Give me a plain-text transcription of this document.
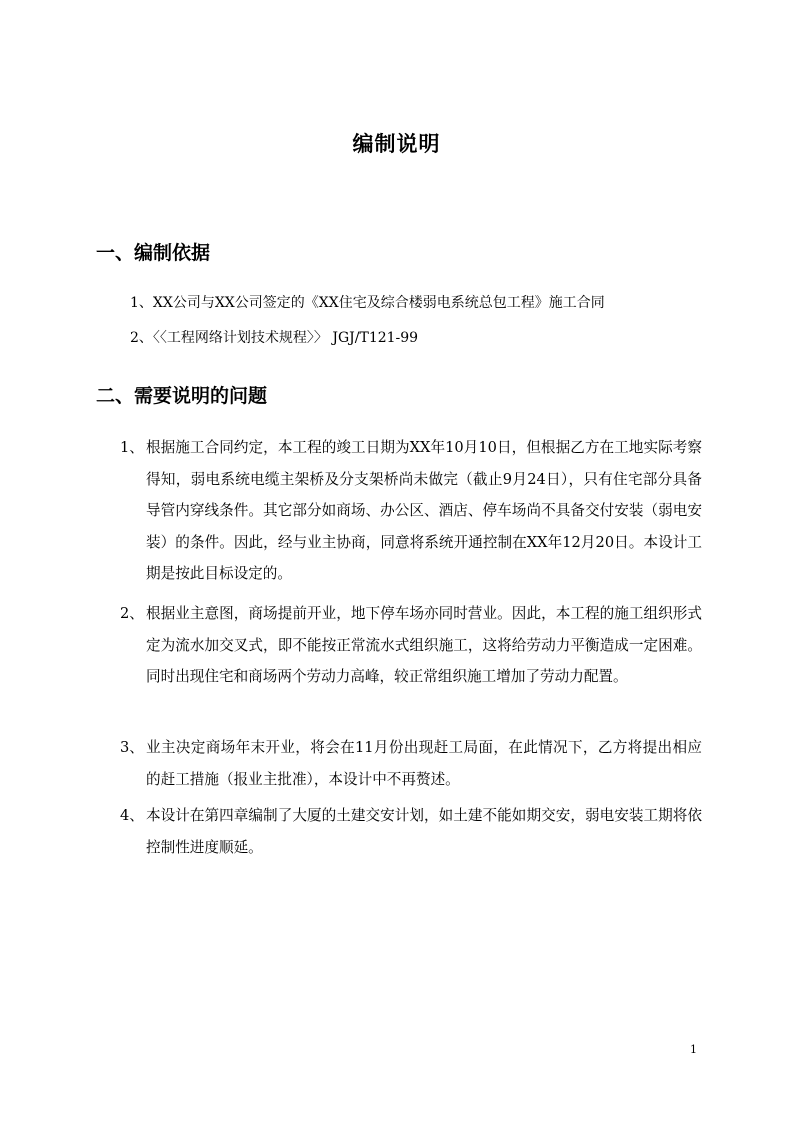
编制说明
一、编制依据
1、XX公司与XX公司签定的《XX住宅及综合楼弱电系统总包工程》施工合同
2、〈〈工程网络计划技术规程〉〉 JGJ/T121-99
二、需要说明的问题
1、 根据施工合同约定，本工程的竣工日期为XX年10月10日，但根据乙方在工地实际考察得知，弱电系统电缆主架桥及分支架桥尚未做完（截止9月24日），只有住宅部分具备导管内穿线条件。其它部分如商场、办公区、酒店、停车场尚不具备交付安装（弱电安装）的条件。因此，经与业主协商，同意将系统开通控制在XX年12月20日。本设计工期是按此目标设定的。
2、 根据业主意图，商场提前开业，地下停车场亦同时营业。因此，本工程的施工组织形式定为流水加交叉式，即不能按正常流水式组织施工，这将给劳动力平衡造成一定困难。同时出现住宅和商场两个劳动力高峰，较正常组织施工增加了劳动力配置。
3、 业主决定商场年末开业，将会在11月份出现赶工局面，在此情况下，乙方将提出相应的赶工措施（报业主批准），本设计中不再赘述。
4、 本设计在第四章编制了大厦的土建交安计划，如土建不能如期交安，弱电安装工期将依控制性进度顺延。
1
